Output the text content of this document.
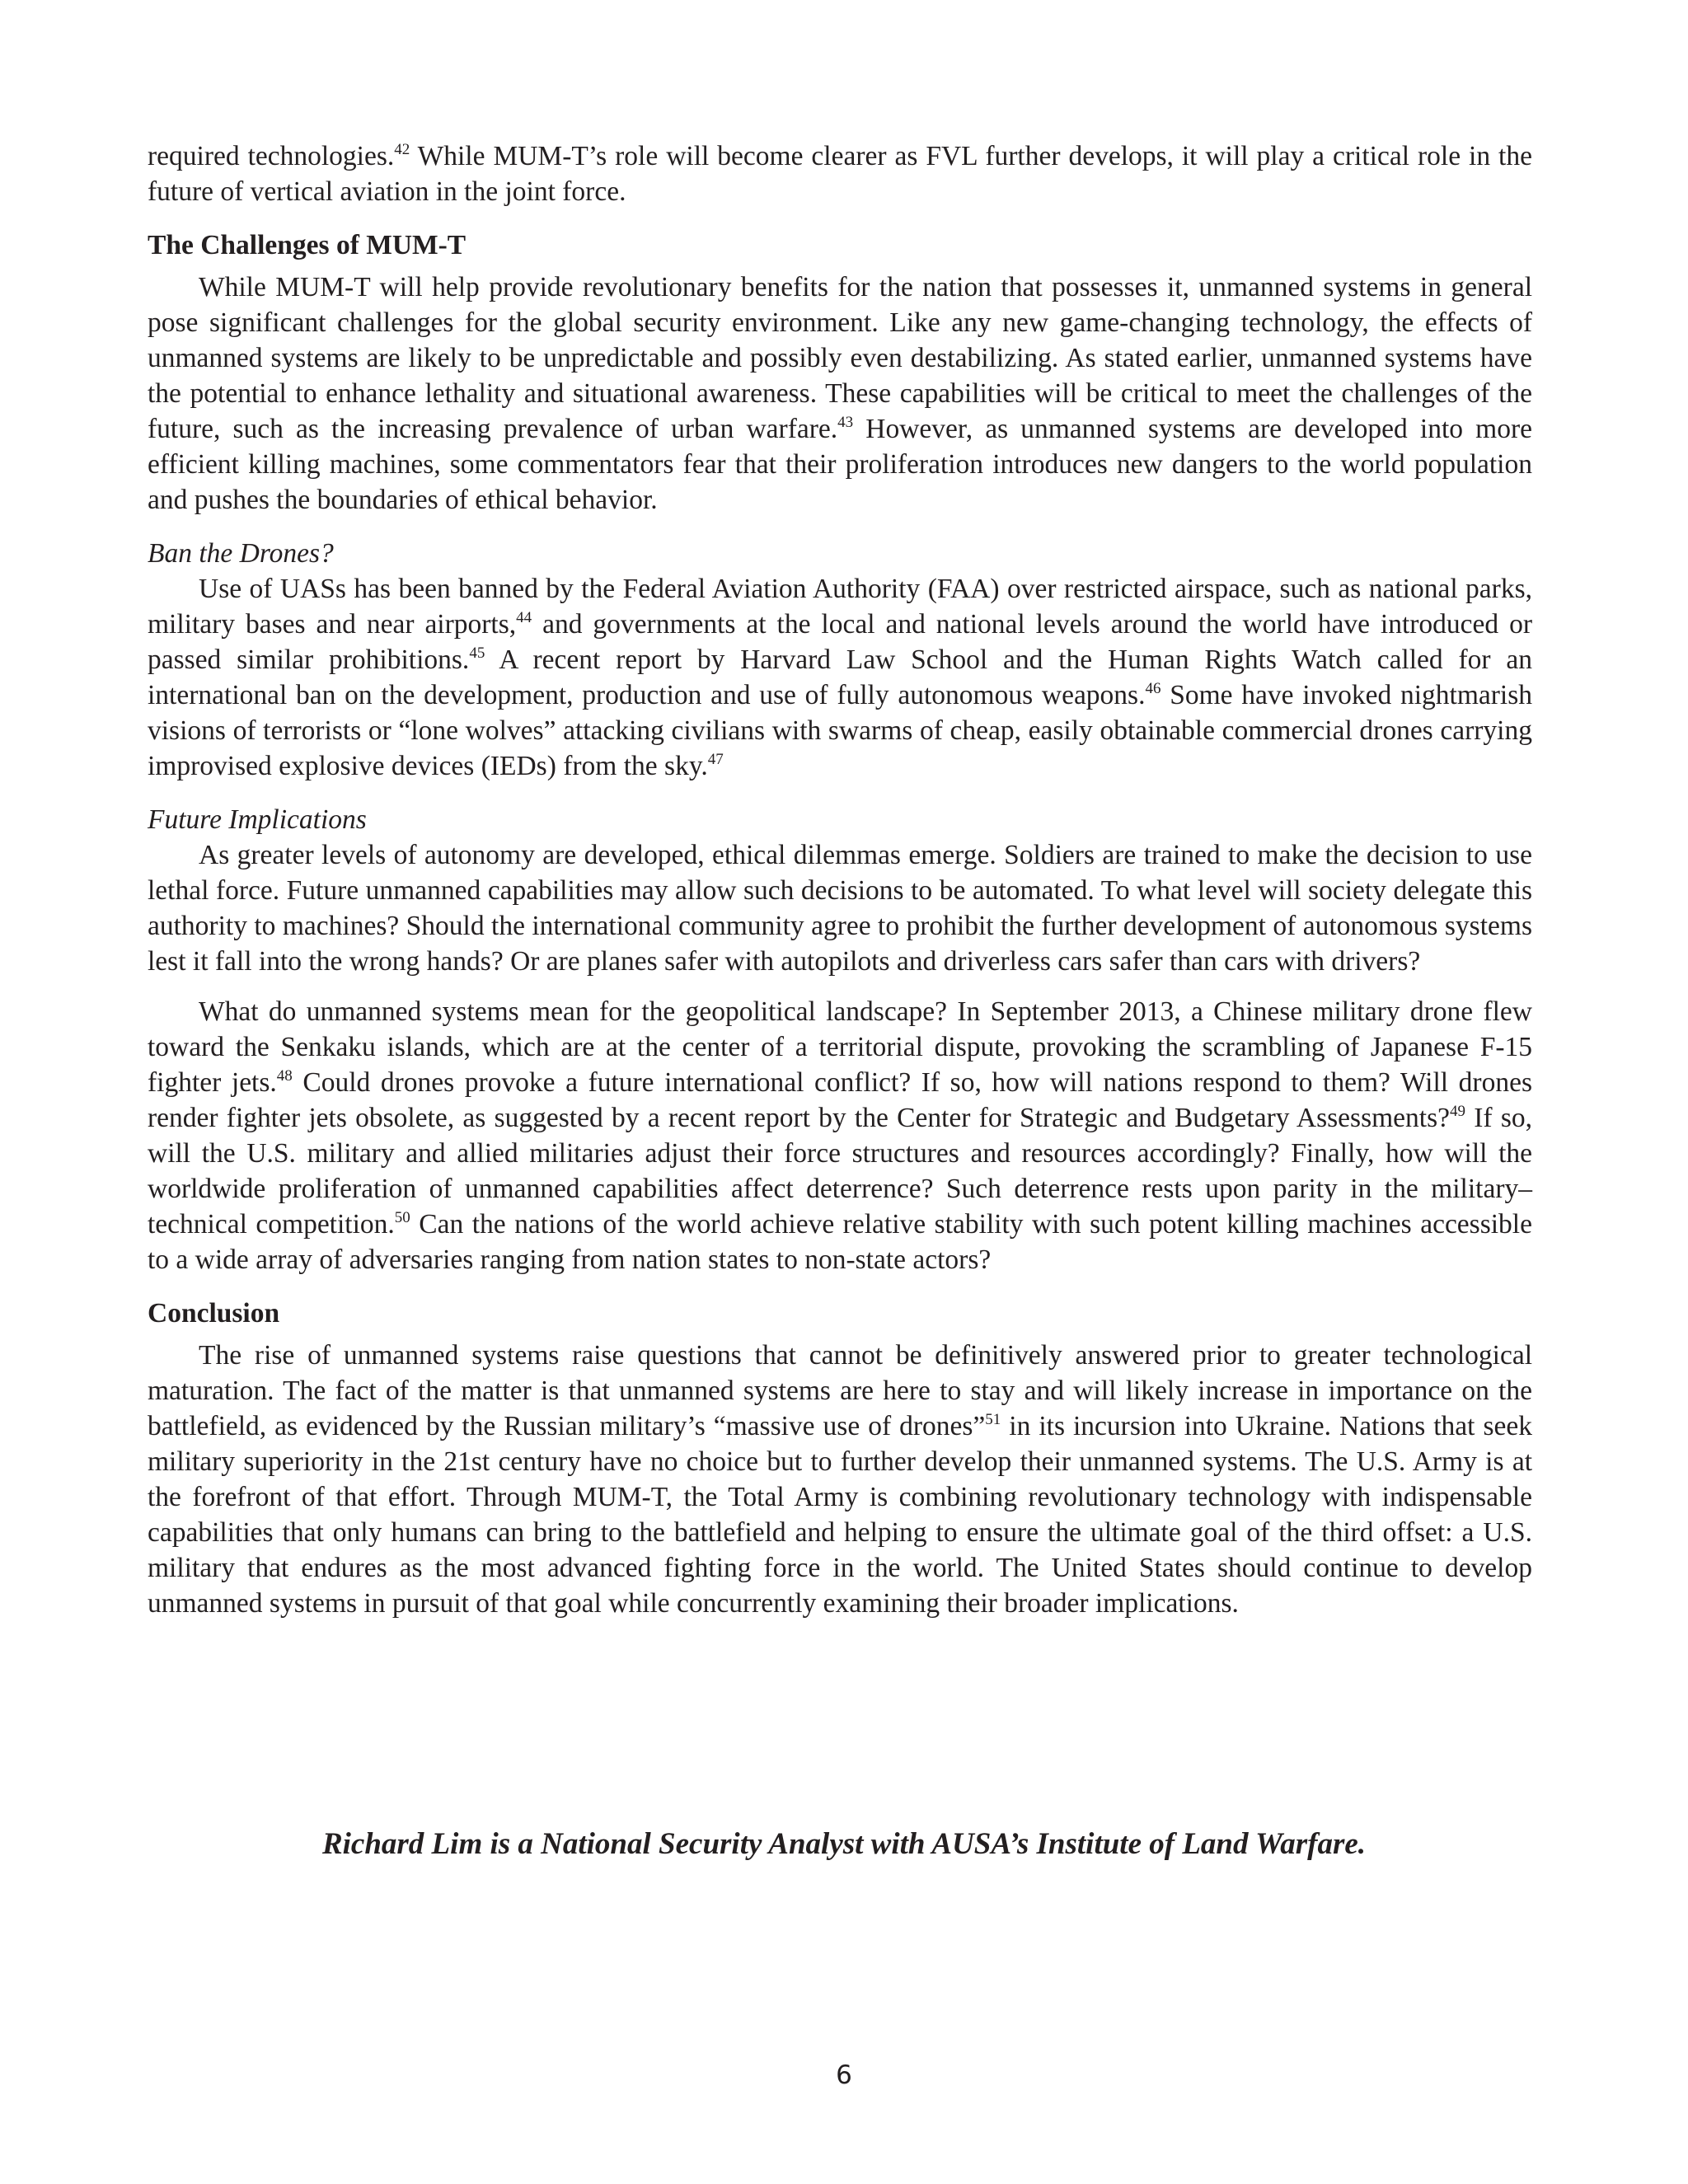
required technologies.$^{42}$ While MUM-T’s role will become clearer as FVL further develops, it will play a critical role in the future of vertical aviation in the joint force.

The Challenges of MUM-T

While MUM-T will help provide revolutionary benefits for the nation that possesses it, unmanned systems in general pose significant challenges for the global security environment. Like any new game-changing technology, the effects of unmanned systems are likely to be unpredictable and possibly even destabilizing. As stated earlier, unmanned systems have the potential to enhance lethality and situational awareness. These capabilities will be critical to meet the challenges of the future, such as the increasing prevalence of urban warfare.$^{43}$ However, as unmanned systems are developed into more efficient killing machines, some commentators fear that their proliferation introduces new dangers to the world population and pushes the boundaries of ethical behavior.

Ban the Drones?

Use of UASs has been banned by the Federal Aviation Authority (FAA) over restricted airspace, such as national parks, military bases and near airports,$^{44}$ and governments at the local and national levels around the world have introduced or passed similar prohibitions.$^{45}$ A recent report by Harvard Law School and the Human Rights Watch called for an international ban on the development, production and use of fully autonomous weapons.$^{46}$ Some have invoked nightmarish visions of terrorists or “lone wolves” attacking civilians with swarms of cheap, easily obtainable commercial drones carrying improvised explosive devices (IEDs) from the sky.$^{47}$

Future Implications

As greater levels of autonomy are developed, ethical dilemmas emerge. Soldiers are trained to make the decision to use lethal force. Future unmanned capabilities may allow such decisions to be automated. To what level will society delegate this authority to machines? Should the international community agree to prohibit the further development of autonomous systems lest it fall into the wrong hands? Or are planes safer with autopilots and driverless cars safer than cars with drivers?

What do unmanned systems mean for the geopolitical landscape? In September 2013, a Chinese military drone flew toward the Senkaku islands, which are at the center of a territorial dispute, provoking the scrambling of Japanese F-15 fighter jets.$^{48}$ Could drones provoke a future international conflict? If so, how will nations respond to them? Will drones render fighter jets obsolete, as suggested by a recent report by the Center for Strategic and Budgetary Assessments?$^{49}$ If so, will the U.S. military and allied militaries adjust their force structures and resources accordingly? Finally, how will the worldwide proliferation of unmanned capabilities affect deterrence? Such deterrence rests upon parity in the military–technical competition.$^{50}$ Can the nations of the world achieve relative stability with such potent killing machines accessible to a wide array of adversaries ranging from nation states to non-state actors?

Conclusion

The rise of unmanned systems raise questions that cannot be definitively answered prior to greater technological maturation. The fact of the matter is that unmanned systems are here to stay and will likely increase in importance on the battlefield, as evidenced by the Russian military’s “massive use of drones”$^{51}$ in its incursion into Ukraine. Nations that seek military superiority in the 21st century have no choice but to further develop their unmanned systems. The U.S. Army is at the forefront of that effort. Through MUM-T, the Total Army is combining revolutionary technology with indispensable capabilities that only humans can bring to the battlefield and helping to ensure the ultimate goal of the third offset: a U.S. military that endures as the most advanced fighting force in the world. The United States should continue to develop unmanned systems in pursuit of that goal while concurrently examining their broader implications.

Richard Lim is a National Security Analyst with AUSA’s Institute of Land Warfare.
6
